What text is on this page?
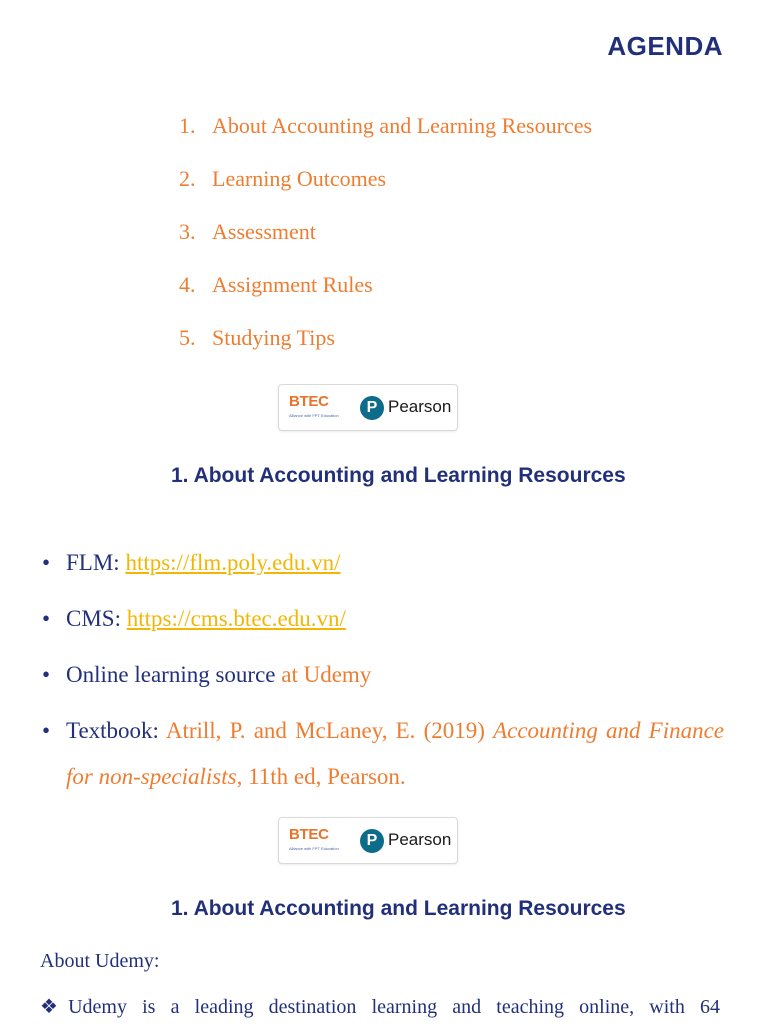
AGENDA
1. About Accounting and Learning Resources
2. Learning Outcomes
3. Assessment
4. Assignment Rules
5. Studying Tips
BTEC
Alliance with FPT Education	P Pearson
1. About Accounting and Learning Resources
• FLM: https://flm.poly.edu.vn/
• CMS: https://cms.btec.edu.vn/
• Online learning source at Udemy
• Textbook: Atrill, P. and McLaney, E. (2019) Accounting and Finance for non-specialists, 11th ed, Pearson.
BTEC
Alliance with FPT Education	P Pearson
1. About Accounting and Learning Resources
About Udemy:
❖Udemy is a leading destination learning and teaching online, with 64
